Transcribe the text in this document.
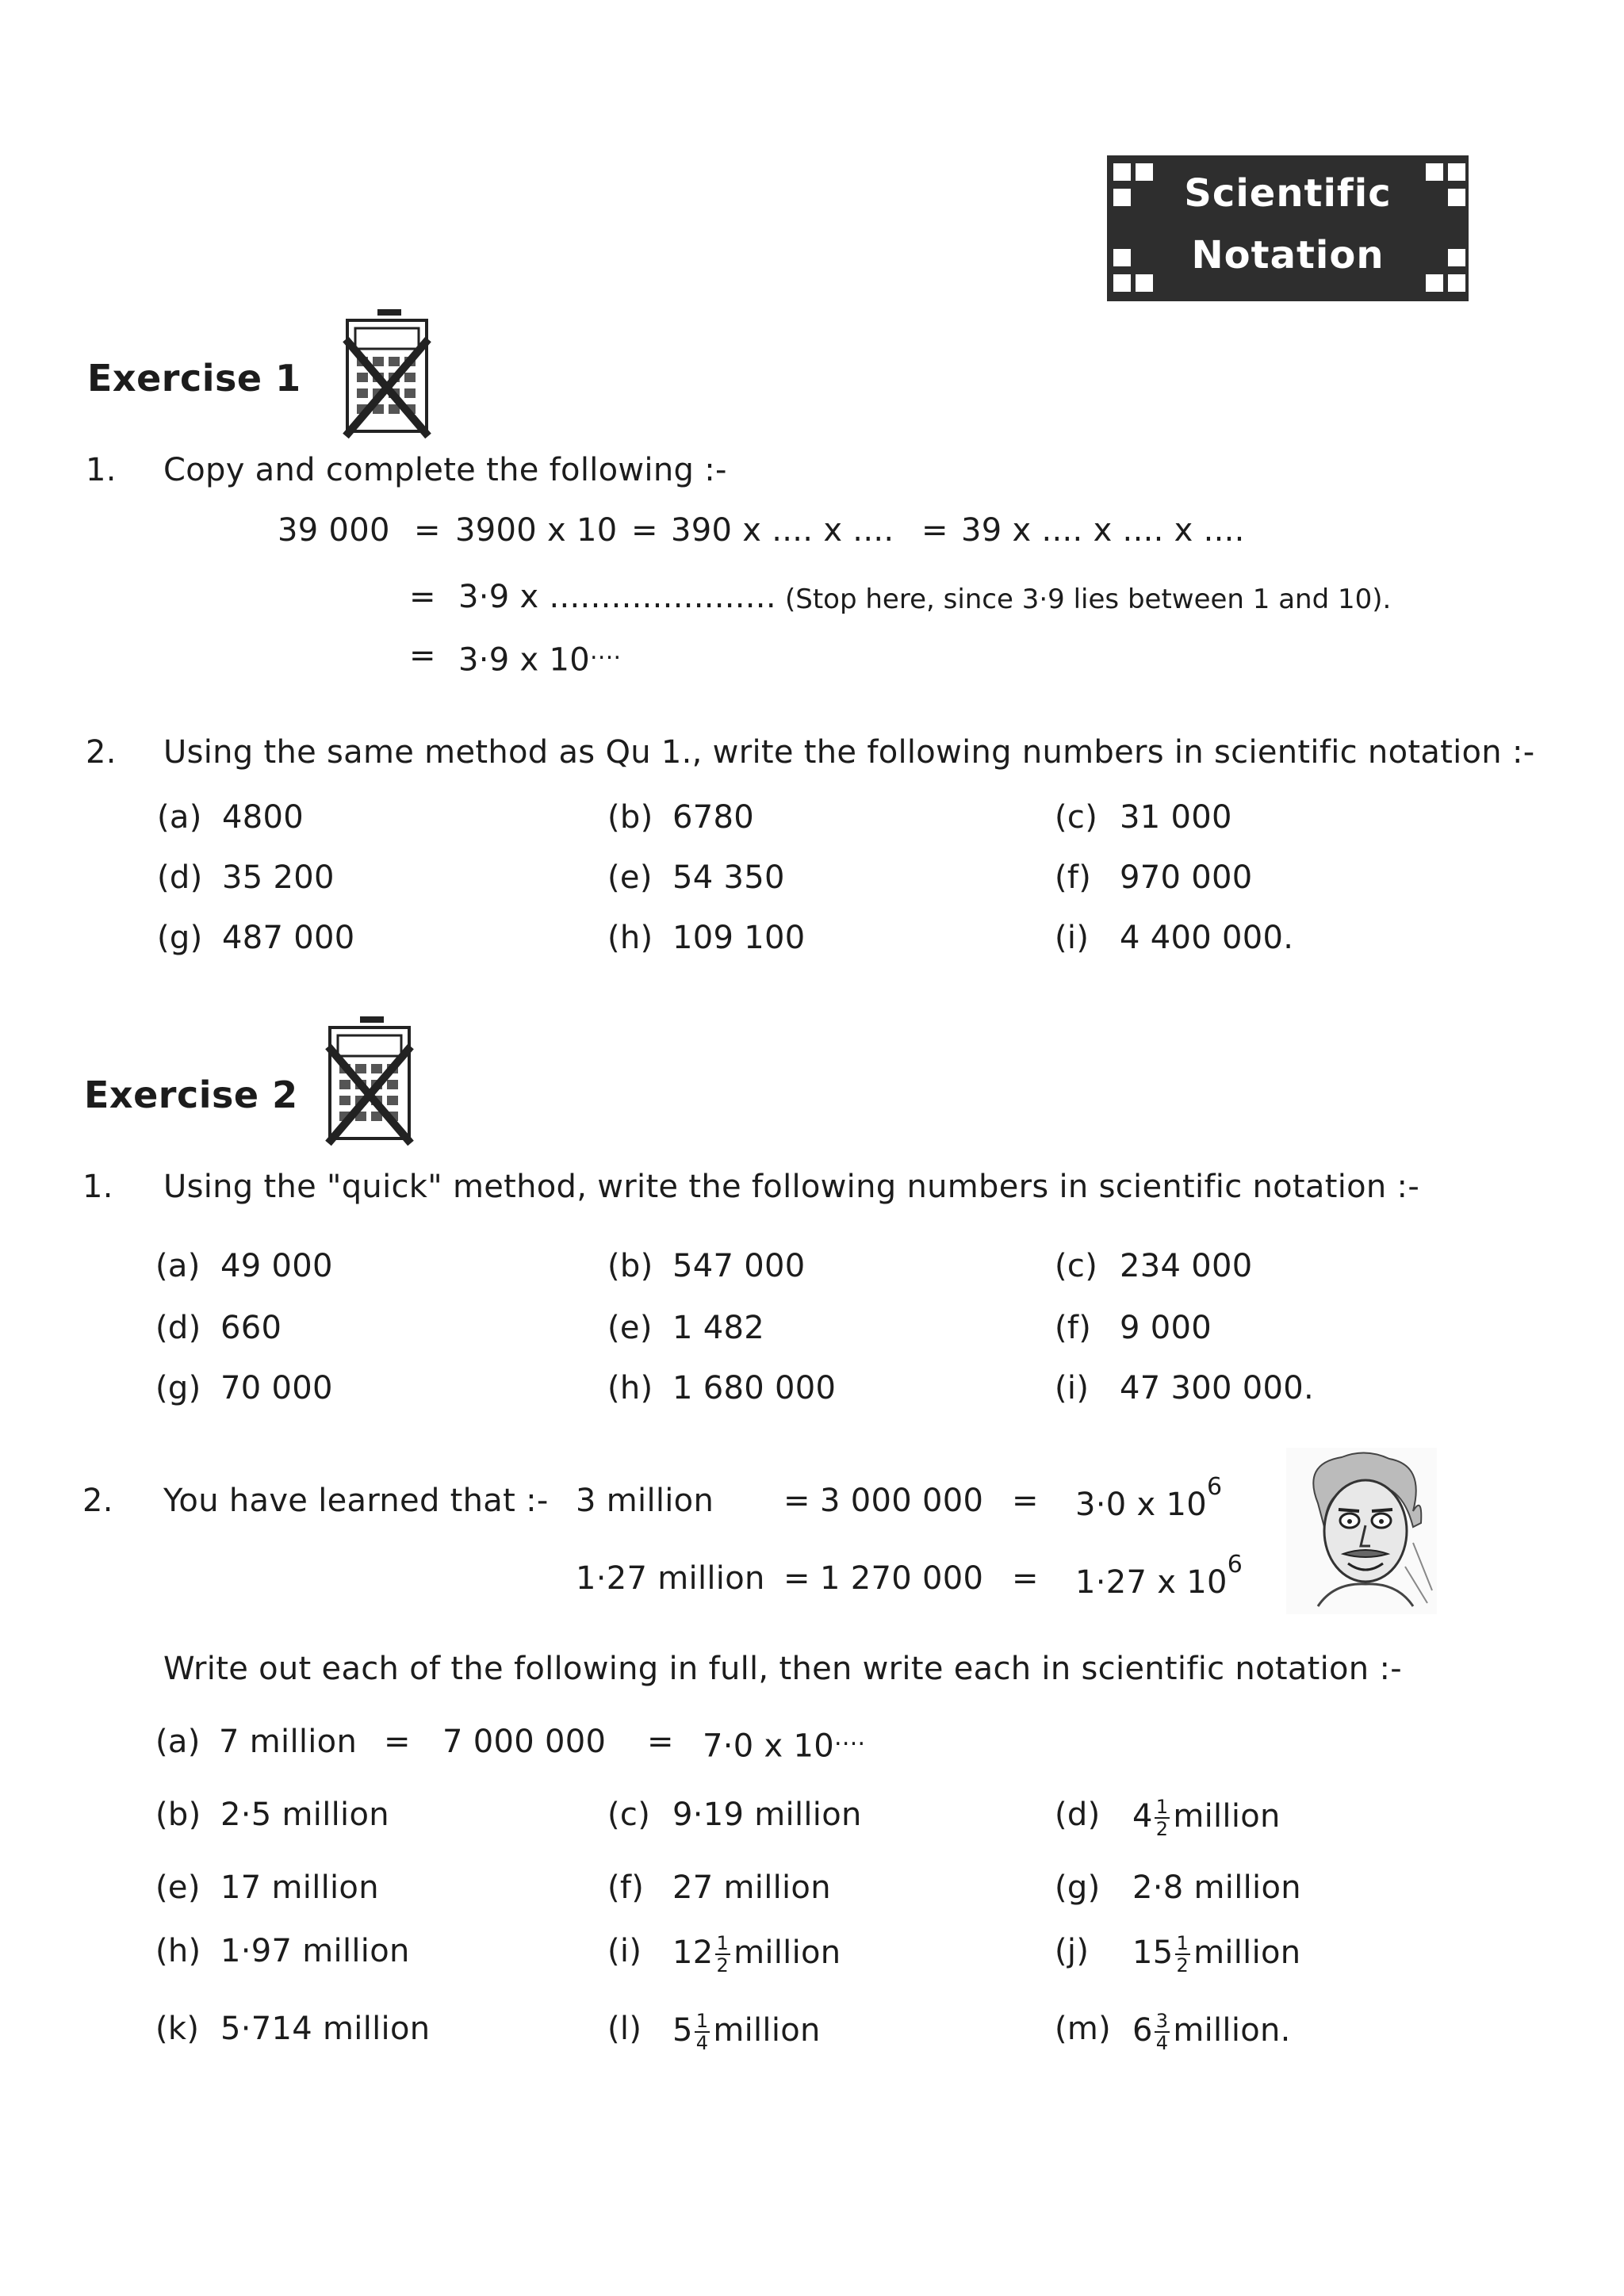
Scientific
Notation
Exercise 1
1. Copy and complete the following :-
39 000 = 3900 x 10 = 390 x .... x .... = 39 x .... x .... x ....
= 3·9 x ...................... (Stop here, since 3·9 lies between 1 and 10).
= 3·9 x 10....
2. Using the same method as Qu 1., write the following numbers in scientific notation :-
(a) 4800	(b) 6780	(c) 31 000
(d) 35 200	(e) 54 350	(f) 970 000
(g) 487 000	(h) 109 100	(i) 4 400 000.
Exercise 2
1. Using the "quick" method, write the following numbers in scientific notation :-
(a) 49 000	(b) 547 000	(c) 234 000
(d) 660	(e) 1 482	(f) 9 000
(g) 70 000	(h) 1 680 000	(i) 47 300 000.
2. You have learned that :- 3 million = 3 000 000 = 3·0 x $10^6$
1·27 million = 1 270 000 = 1·27 x $10^6$
Write out each of the following in full, then write each in scientific notation :-
(a) 7 million = 7 000 000 = 7·0 x 10....
(b) 2·5 million	(c) 9·19 million	(d) $4 \frac{1}{2}$ million
(e) 17 million	(f) 27 million	(g) 2·8 million
(h) 1·97 million	(i) $12 \frac{1}{2}$ million	(j) $15 \frac{1}{2}$ million
(k) 5·714 million	(l) $5 \frac{1}{4}$ million	(m) $6 \frac{3}{4}$ million.
